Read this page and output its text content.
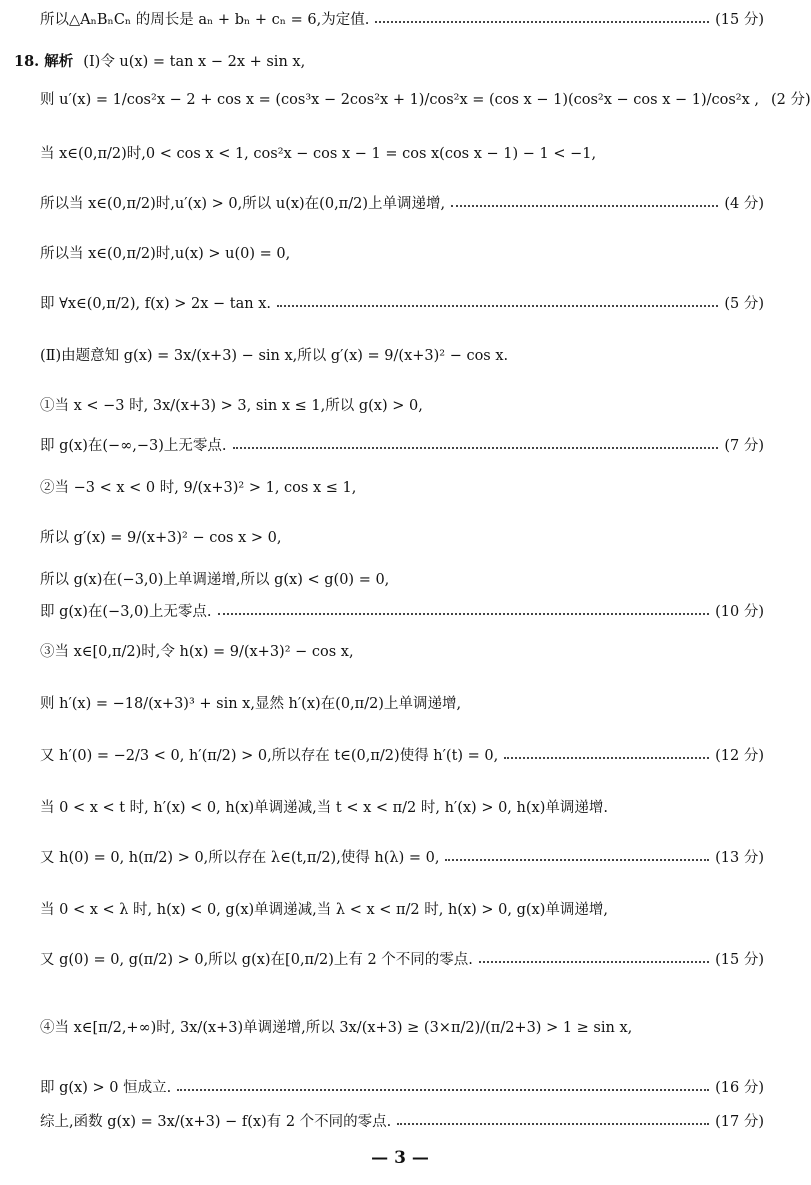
所以△AₙBₙCₙ 的周长是 aₙ + bₙ + cₙ = 6,为定值.	(15 分)
18. 解析 (Ⅰ)令 u(x) = tan x − 2x + sin x,
则 u′(x) = 1/cos²x − 2 + cos x = (cos³x − 2cos²x + 1)/cos²x = (cos x − 1)(cos²x − cos x − 1)/cos²x , (2 分)
当 x∈(0,π/2)时,0 < cos x < 1, cos²x − cos x − 1 = cos x(cos x − 1) − 1 < −1,
所以当 x∈(0,π/2)时,u′(x) > 0,所以 u(x)在(0,π/2)上单调递增,	(4 分)
所以当 x∈(0,π/2)时,u(x) > u(0) = 0,
即 ∀x∈(0,π/2), f(x) > 2x − tan x.	(5 分)
(Ⅱ)由题意知 g(x) = 3x/(x+3) − sin x,所以 g′(x) = 9/(x+3)² − cos x.
①当 x < −3 时, 3x/(x+3) > 3, sin x ≤ 1,所以 g(x) > 0,
即 g(x)在(−∞,−3)上无零点.	(7 分)
②当 −3 < x < 0 时, 9/(x+3)² > 1, cos x ≤ 1,
所以 g′(x) = 9/(x+3)² − cos x > 0,
所以 g(x)在(−3,0)上单调递增,所以 g(x) < g(0) = 0,
即 g(x)在(−3,0)上无零点.	(10 分)
③当 x∈[0,π/2)时,令 h(x) = 9/(x+3)² − cos x,
则 h′(x) = −18/(x+3)³ + sin x,显然 h′(x)在(0,π/2)上单调递增,
又 h′(0) = −2/3 < 0, h′(π/2) > 0,所以存在 t∈(0,π/2)使得 h′(t) = 0,	(12 分)
当 0 < x < t 时, h′(x) < 0, h(x)单调递减,当 t < x < π/2 时, h′(x) > 0, h(x)单调递增.
又 h(0) = 0, h(π/2) > 0,所以存在 λ∈(t,π/2),使得 h(λ) = 0,	(13 分)
当 0 < x < λ 时, h(x) < 0, g(x)单调递减,当 λ < x < π/2 时, h(x) > 0, g(x)单调递增,
又 g(0) = 0, g(π/2) > 0,所以 g(x)在[0,π/2)上有 2 个不同的零点.	(15 分)
④当 x∈[π/2,+∞)时, 3x/(x+3)单调递增,所以 3x/(x+3) ≥ (3×π/2)/(π/2+3) > 1 ≥ sin x,
即 g(x) > 0 恒成立.	(16 分)
综上,函数 g(x) = 3x/(x+3) − f(x)有 2 个不同的零点.	(17 分)
— 3 —
